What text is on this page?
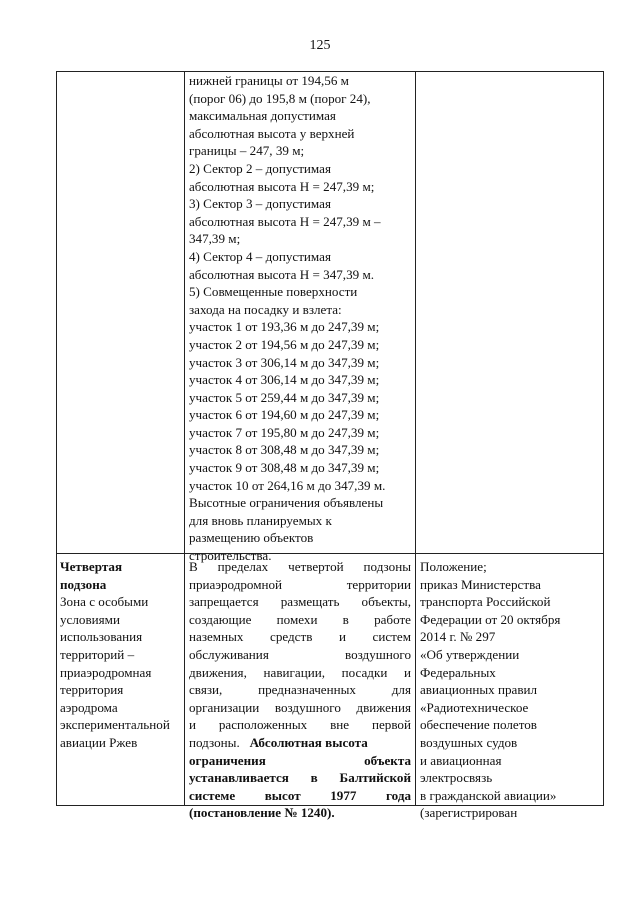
125
нижней границы от 194,56 м
(порог 06) до 195,8 м (порог 24),
максимальная допустимая
абсолютная высота у верхней
границы – 247, 39 м;
2) Сектор 2 – допустимая
абсолютная высота H = 247,39 м;
3) Сектор 3 – допустимая
абсолютная высота H = 247,39 м –
347,39 м;
4) Сектор 4 – допустимая
абсолютная высота H = 347,39 м.
5) Совмещенные поверхности
захода на посадку и взлета:
участок 1 от 193,36 м до 247,39 м;
участок 2 от 194,56 м до 247,39 м;
участок 3 от 306,14 м до 347,39 м;
участок 4 от 306,14 м до 347,39 м;
участок 5 от 259,44 м до 347,39 м;
участок 6 от 194,60 м до 247,39 м;
участок 7 от 195,80 м до 247,39 м;
участок 8 от 308,48 м до 347,39 м;
участок 9 от 308,48 м до 347,39 м;
участок 10 от 264,16 м до 347,39 м.
Высотные ограничения объявлены
для вновь планируемых к
размещению объектов
строительства.
Четвертая
подзона
Зона с особыми
условиями
использования
территорий –
приаэродромная
территория
аэродрома
экспериментальной
авиации Ржев
В пределах четвертой подзоны
приаэродромной территории
запрещается размещать объекты,
создающие помехи в работе
наземных средств и систем
обслуживания воздушного
движения, навигации, посадки и
связи, предназначенных для
организации воздушного движения
и расположенных вне первой
подзоны. Абсолютная высота
ограничения объекта
устанавливается в Балтийской
системе высот 1977 года
(постановление № 1240).
Положение;
приказ Министерства
транспорта Российской
Федерации от 20 октября
2014 г. № 297
«Об утверждении
Федеральных
авиационных правил
«Радиотехническое
обеспечение полетов
воздушных судов
и авиационная
электросвязь
в гражданской авиации»
(зарегистрирован
